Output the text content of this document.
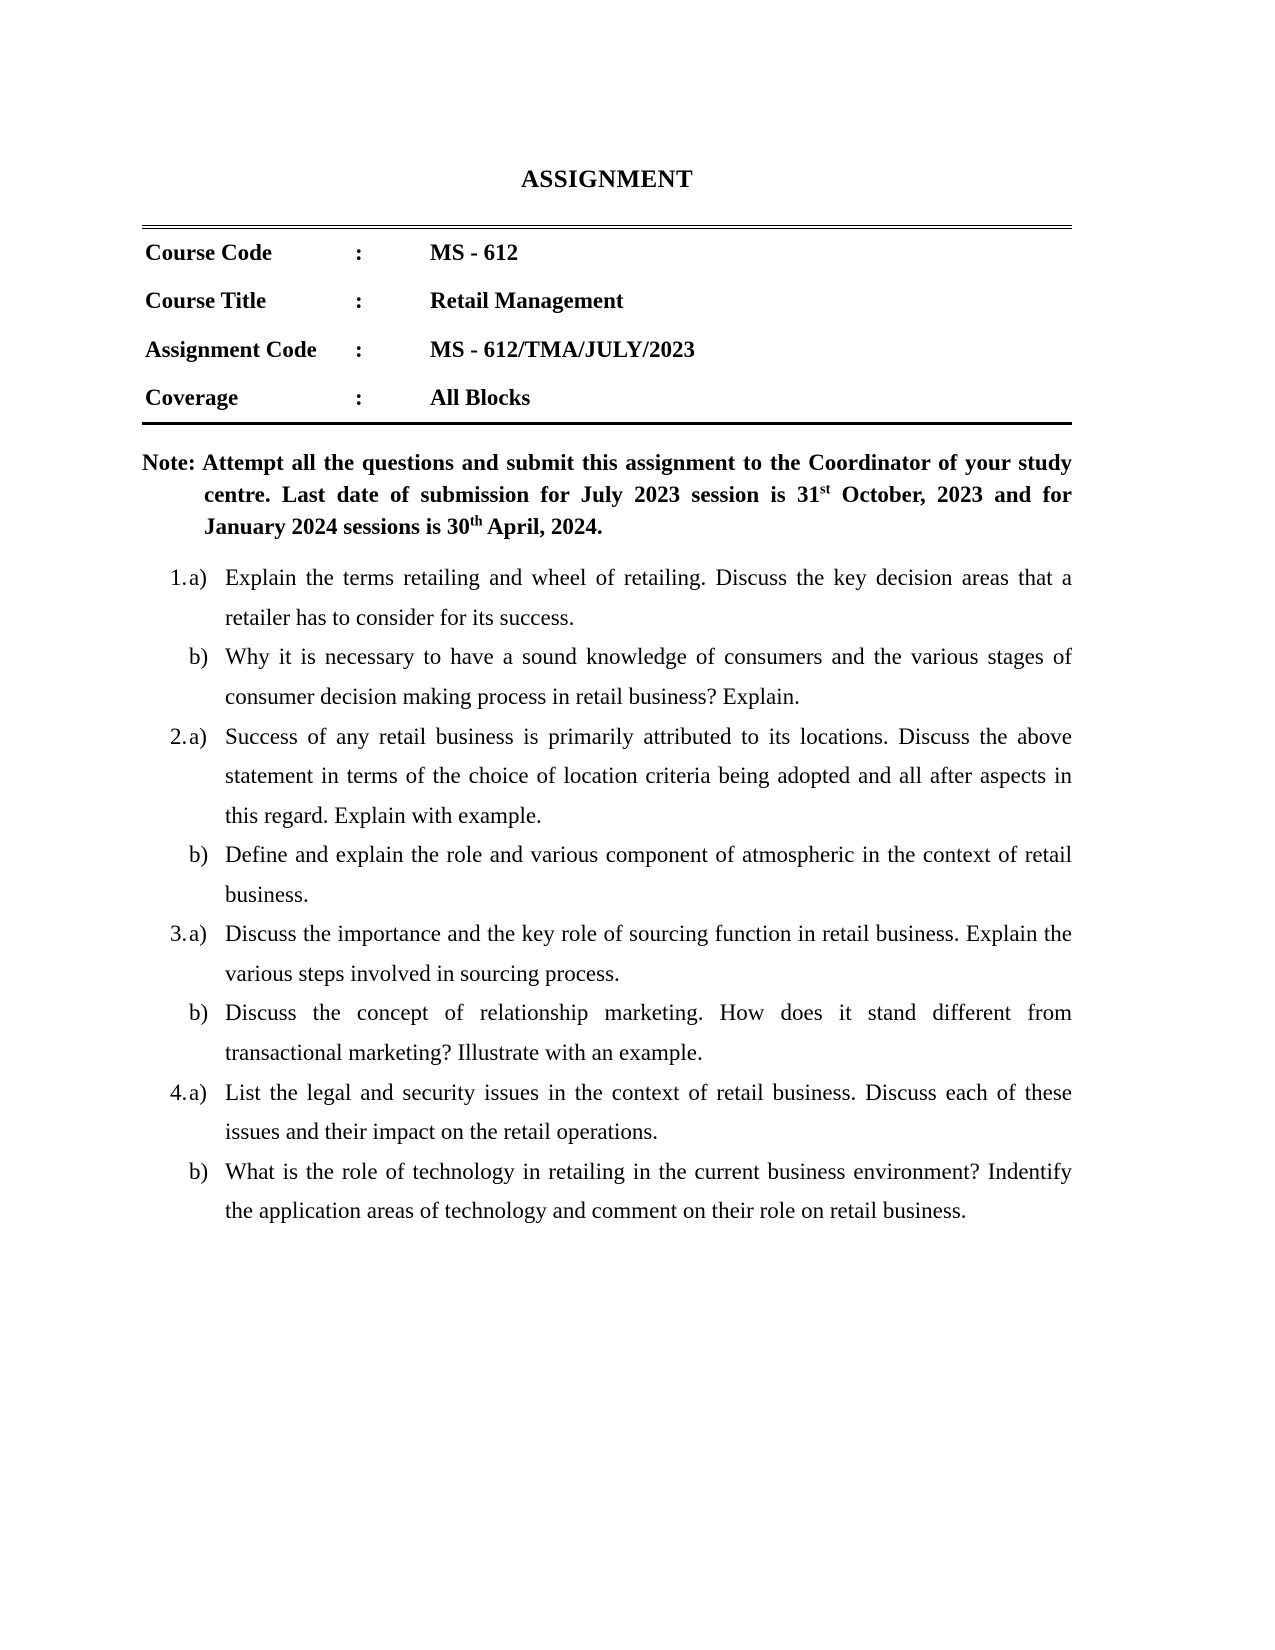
ASSIGNMENT
Course Code	:	MS - 612
Course Title	:	Retail Management
Assignment Code	:	MS - 612/TMA/JULY/2023
Coverage	:	All Blocks
Note: Attempt all the questions and submit this assignment to the Coordinator of your study centre. Last date of submission for July 2023 session is 31st October, 2023 and for January 2024 sessions is 30th April, 2024.
1. a) Explain the terms retailing and wheel of retailing. Discuss the key decision areas that a retailer has to consider for its success.

b) Why it is necessary to have a sound knowledge of consumers and the various stages of consumer decision making process in retail business? Explain.

2. a) Success of any retail business is primarily attributed to its locations. Discuss the above statement in terms of the choice of location criteria being adopted and all after aspects in this regard. Explain with example.

b) Define and explain the role and various component of atmospheric in the context of retail business.

3. a) Discuss the importance and the key role of sourcing function in retail business. Explain the various steps involved in sourcing process.

b) Discuss the concept of relationship marketing. How does it stand different from transactional marketing? Illustrate with an example.

4. a) List the legal and security issues in the context of retail business. Discuss each of these issues and their impact on the retail operations.

b) What is the role of technology in retailing in the current business environment? Indentify the application areas of technology and comment on their role on retail business.
